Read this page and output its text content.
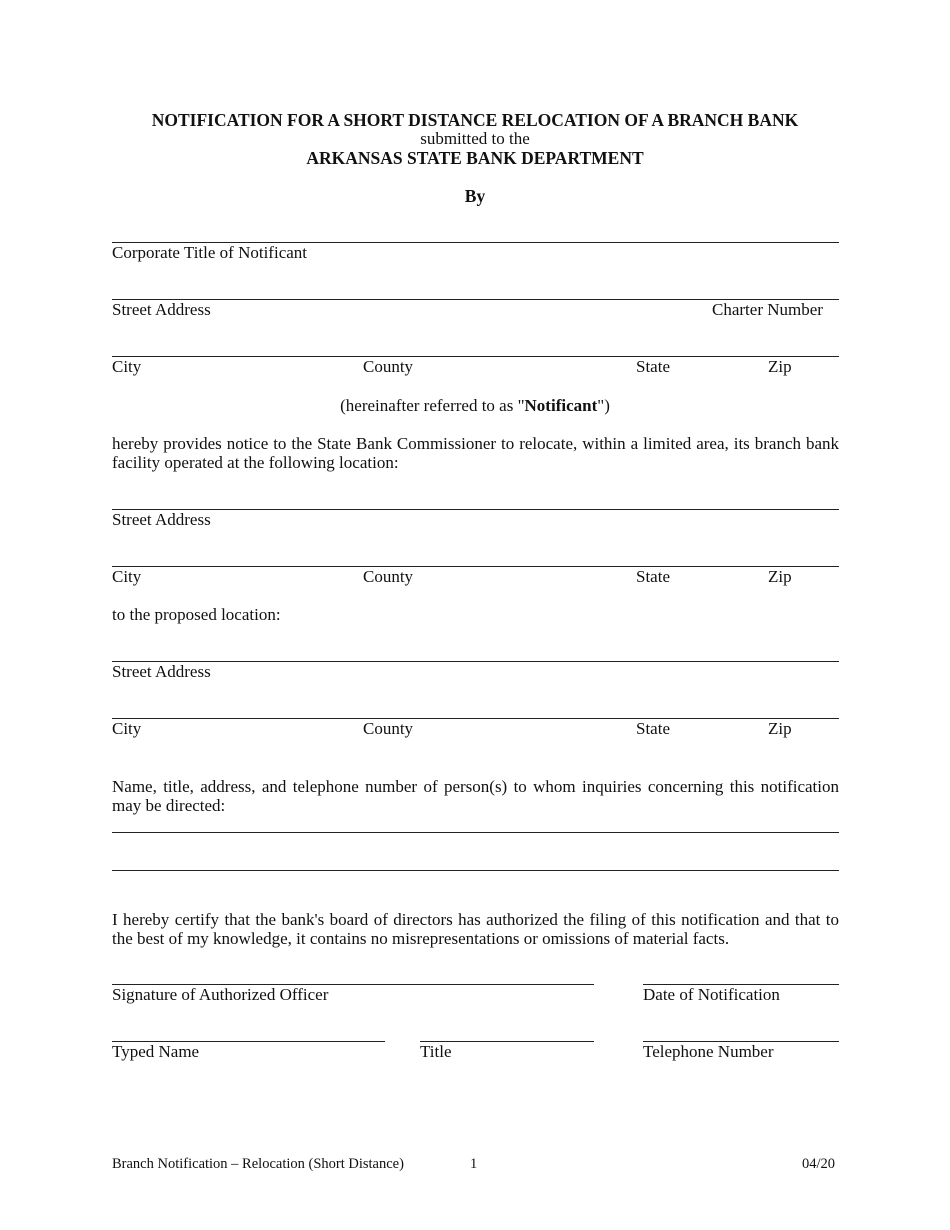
NOTIFICATION FOR A SHORT DISTANCE RELOCATION OF A BRANCH BANK
submitted to the
ARKANSAS STATE BANK DEPARTMENT
By
Corporate Title of Notificant
Street Address	Charter Number
City	County	State	Zip
(hereinafter referred to as "Notificant")
hereby provides notice to the State Bank Commissioner to relocate, within a limited area, its branch bank facility operated at the following location:
Street Address
City	County	State	Zip
to the proposed location:
Street Address
City	County	State	Zip
Name, title, address, and telephone number of person(s) to whom inquiries concerning this notification may be directed:
I hereby certify that the bank's board of directors has authorized the filing of this notification and that to the best of my knowledge, it contains no misrepresentations or omissions of material facts.
Signature of Authorized Officer	Date of Notification
Typed Name	Title	Telephone Number
Branch Notification – Relocation (Short Distance)	1	04/20
